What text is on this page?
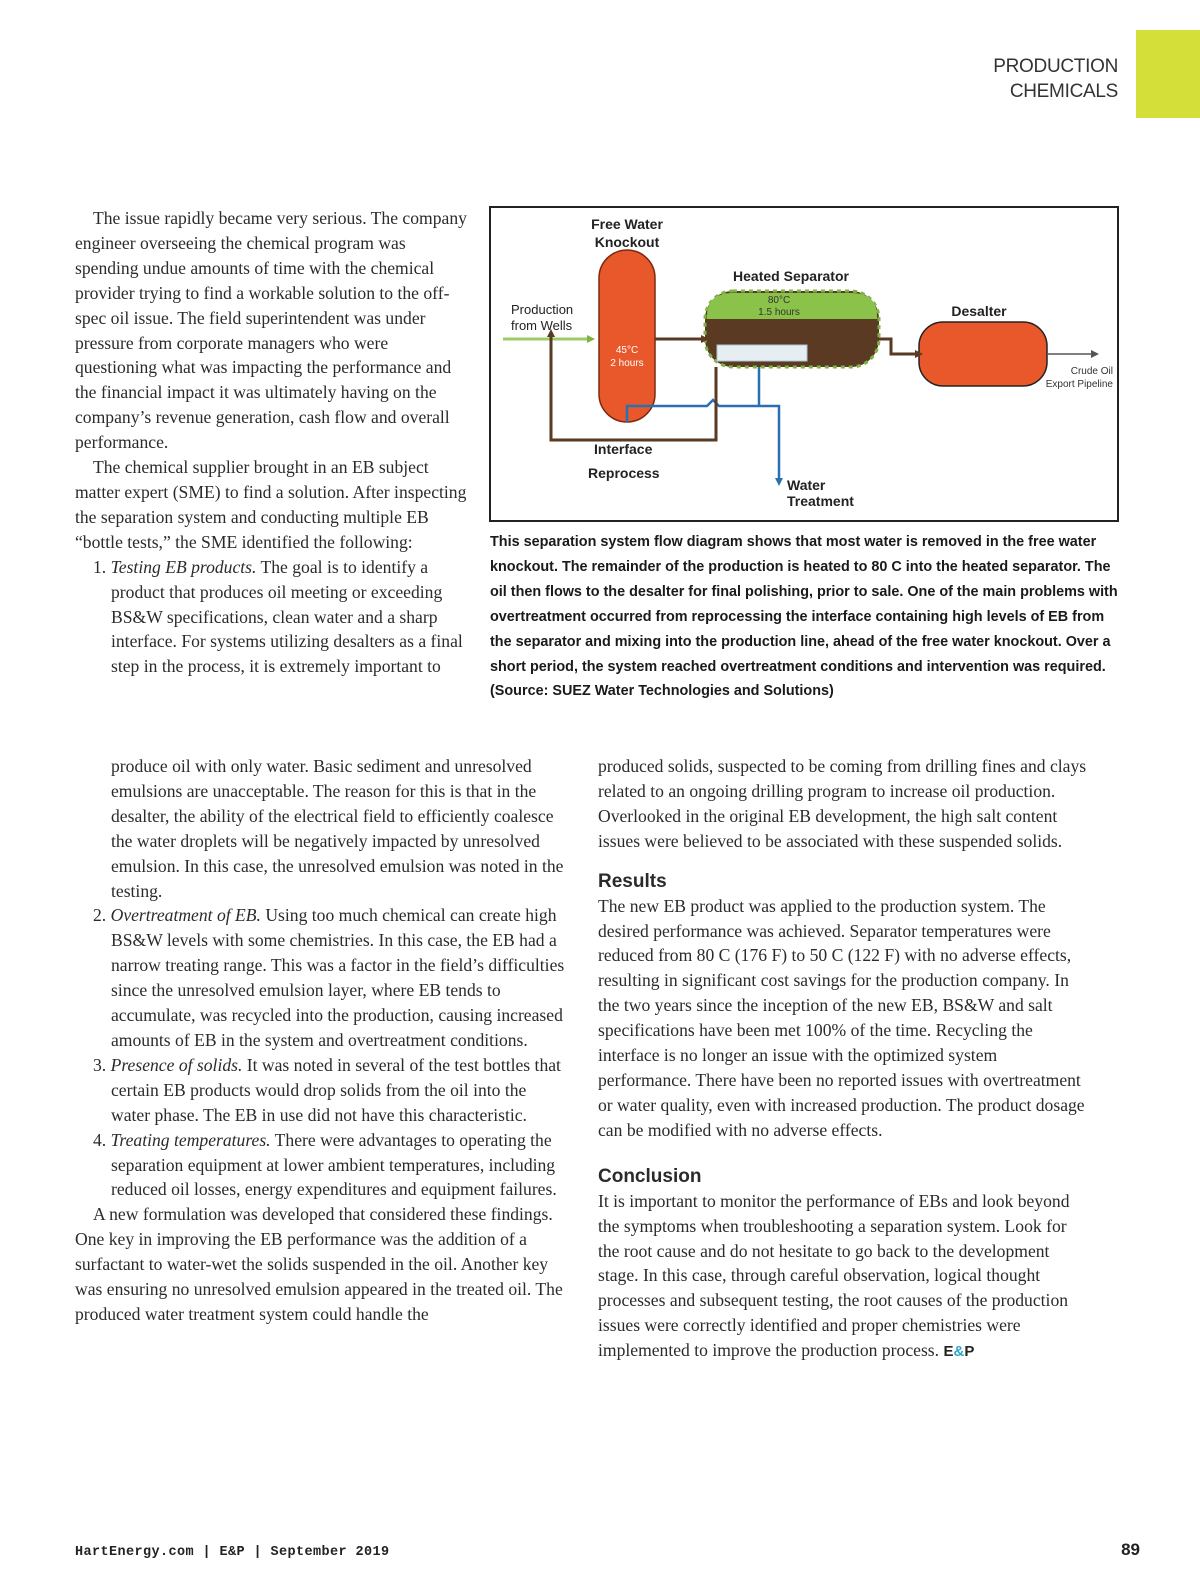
PRODUCTION
CHEMICALS

The issue rapidly became very serious. The company engineer overseeing the chemical program was spending undue amounts of time with the chemical provider trying to find a workable solution to the off-spec oil issue. The field superintendent was under pressure from corporate managers who were questioning what was impacting the performance and the financial impact it was ultimately having on the company’s revenue generation, cash flow and overall performance.

The chemical supplier brought in an EB subject matter expert (SME) to find a solution. After inspecting the separation system and conducting multiple EB “bottle tests,” the SME identified the following:

1. Testing EB products. The goal is to identify a product that produces oil meeting or exceeding BS&W specifications, clean water and a sharp interface. For systems utilizing desalters as a final step in the process, it is extremely important to
Free Water
Knockout
45°C
2 hours
Production
from Wells
Heated Separator
80°C
1.5 hours	Desalter
Crude Oil
Export Pipeline
Interface
Reprocess
Water
Treatment
This separation system flow diagram shows that most water is removed in the free water knockout. The remainder of the production is heated to 80 C into the heated separator. The oil then flows to the desalter for final polishing, prior to sale. One of the main problems with overtreatment occurred from reprocessing the interface containing high levels of EB from the separator and mixing into the production line, ahead of the free water knockout. Over a short period, the system reached overtreatment conditions and intervention was required. (Source: SUEZ Water Technologies and Solutions)
produce oil with only water. Basic sediment and unresolved emulsions are unacceptable. The reason for this is that in the desalter, the ability of the electrical field to efficiently coalesce the water droplets will be negatively impacted by unresolved emulsion. In this case, the unresolved emulsion was noted in the testing.
2. Overtreatment of EB. Using too much chemical can create high BS&W levels with some chemistries. In this case, the EB had a narrow treating range. This was a factor in the field’s difficulties since the unresolved emulsion layer, where EB tends to accumulate, was recycled into the production, causing increased amounts of EB in the system and overtreatment conditions.
3. Presence of solids. It was noted in several of the test bottles that certain EB products would drop solids from the oil into the water phase. The EB in use did not have this characteristic.
4. Treating temperatures. There were advantages to operating the separation equipment at lower ambient temperatures, including reduced oil losses, energy expenditures and equipment failures.

A new formulation was developed that considered these findings. One key in improving the EB performance was the addition of a surfactant to water-wet the solids suspended in the oil. Another key was ensuring no unresolved emulsion appeared in the treated oil. The produced water treatment system could handle the

produced solids, suspected to be coming from drilling fines and clays related to an ongoing drilling program to increase oil production. Overlooked in the original EB development, the high salt content issues were believed to be associated with these suspended solids.

Results

The new EB product was applied to the production system. The desired performance was achieved. Separator temperatures were reduced from 80 C (176 F) to 50 C (122 F) with no adverse effects, resulting in significant cost savings for the production company. In the two years since the inception of the new EB, BS&W and salt specifications have been met 100% of the time. Recycling the interface is no longer an issue with the optimized system performance. There have been no reported issues with overtreatment or water quality, even with increased production. The product dosage can be modified with no adverse effects.

Conclusion

It is important to monitor the performance of EBs and look beyond the symptoms when troubleshooting a separation system. Look for the root cause and do not hesitate to go back to the development stage. In this case, through careful observation, logical thought processes and subsequent testing, the root causes of the production issues were correctly identified and proper chemistries were implemented to improve the production process. E&P

HartEnergy.com | E&P | September 2019	89
